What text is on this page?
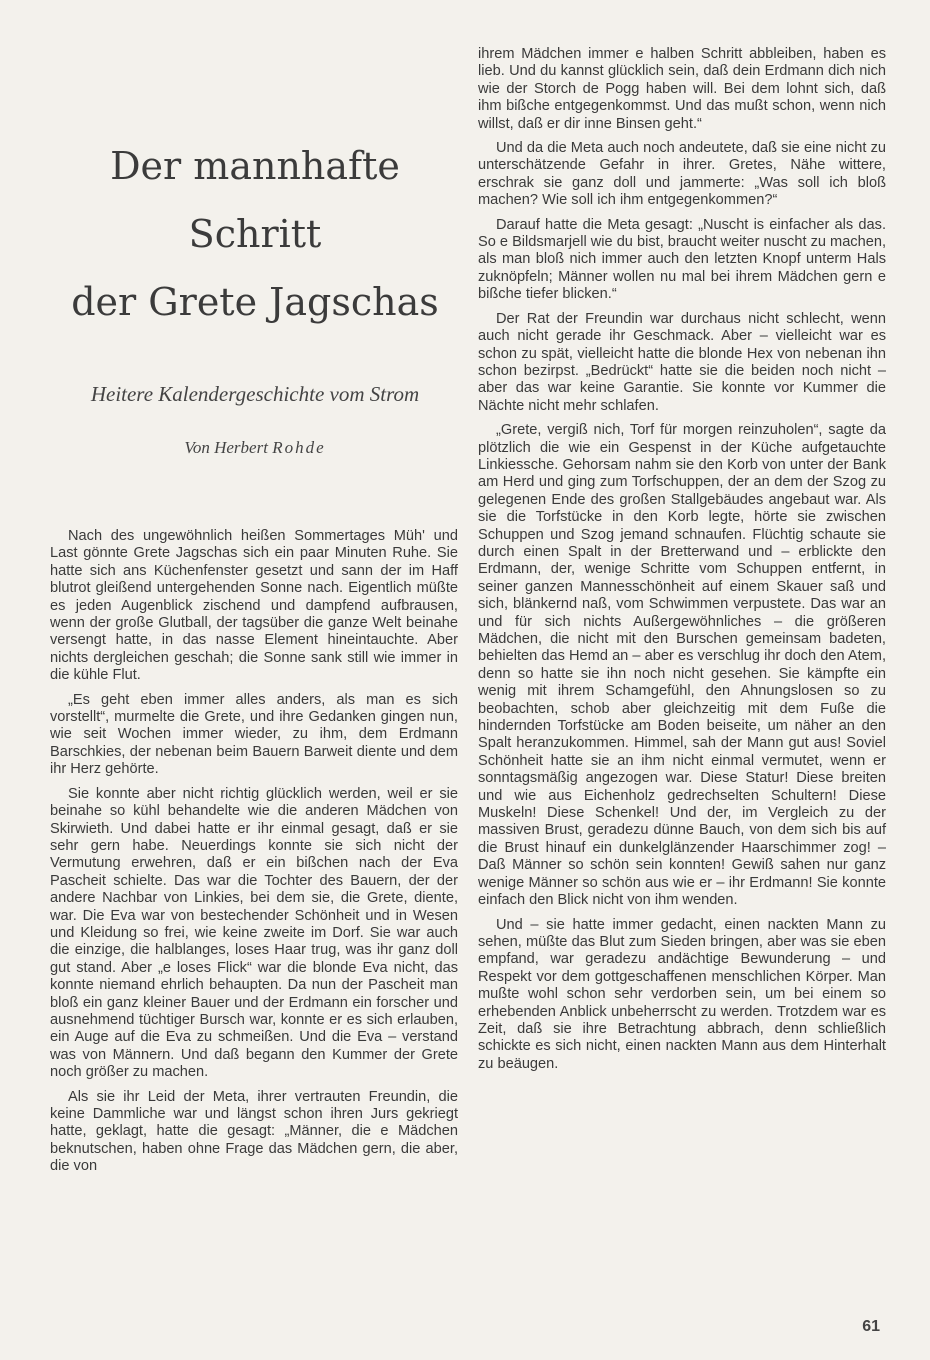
Der mannhafte
Schritt
der Grete Jagschas

Heitere Kalendergeschichte vom Strom

Von Herbert Rohde

Nach des ungewöhnlich heißen Sommertages Müh' und Last gönnte Grete Jagschas sich ein paar Minuten Ruhe. Sie hatte sich ans Küchenfenster gesetzt und sann der im Haff blutrot gleißend untergehenden Sonne nach. Eigentlich müßte es jeden Augenblick zischend und dampfend aufbrausen, wenn der große Glutball, der tagsüber die ganze Welt beinahe versengt hatte, in das nasse Element hineintauchte. Aber nichts dergleichen geschah; die Sonne sank still wie immer in die kühle Flut.

„Es geht eben immer alles anders, als man es sich vorstellt“, murmelte die Grete, und ihre Gedanken gingen nun, wie seit Wochen immer wieder, zu ihm, dem Erdmann Barschkies, der nebenan beim Bauern Barweit diente und dem ihr Herz gehörte.

Sie konnte aber nicht richtig glücklich werden, weil er sie beinahe so kühl behandelte wie die anderen Mädchen von Skirwieth. Und dabei hatte er ihr einmal gesagt, daß er sie sehr gern habe. Neuerdings konnte sie sich nicht der Vermutung erwehren, daß er ein bißchen nach der Eva Pascheit schielte. Das war die Tochter des Bauern, der der andere Nachbar von Linkies, bei dem sie, die Grete, diente, war. Die Eva war von bestechender Schönheit und in Wesen und Kleidung so frei, wie keine zweite im Dorf. Sie war auch die einzige, die halblanges, loses Haar trug, was ihr ganz doll gut stand. Aber „e loses Flick“ war die blonde Eva nicht, das konnte niemand ehrlich behaupten. Da nun der Pascheit man bloß ein ganz kleiner Bauer und der Erdmann ein forscher und ausnehmend tüchtiger Bursch war, konnte er es sich erlauben, ein Auge auf die Eva zu schmeißen. Und die Eva – verstand was von Männern. Und daß begann den Kummer der Grete noch größer zu machen.

Als sie ihr Leid der Meta, ihrer vertrauten Freundin, die keine Dammliche war und längst schon ihren Jurs gekriegt hatte, geklagt, hatte die gesagt: „Männer, die e Mädchen beknutschen, haben ohne Frage das Mädchen gern, die aber, die von

ihrem Mädchen immer e halben Schritt abbleiben, haben es lieb. Und du kannst glücklich sein, daß dein Erdmann dich nich wie der Storch de Pogg haben will. Bei dem lohnt sich, daß ihm bißche entgegenkommst. Und das mußt schon, wenn nich willst, daß er dir inne Binsen geht.“

Und da die Meta auch noch andeutete, daß sie eine nicht zu unterschätzende Gefahr in ihrer. Gretes, Nähe wittere, erschrak sie ganz doll und jammerte: „Was soll ich bloß machen? Wie soll ich ihm entgegenkommen?“

Darauf hatte die Meta gesagt: „Nuscht is einfacher als das. So e Bildsmarjell wie du bist, braucht weiter nuscht zu machen, als man bloß nich immer auch den letzten Knopf unterm Hals zuknöpfeln; Männer wollen nu mal bei ihrem Mädchen gern e bißche tiefer blicken.“

Der Rat der Freundin war durchaus nicht schlecht, wenn auch nicht gerade ihr Geschmack. Aber – vielleicht war es schon zu spät, vielleicht hatte die blonde Hex von nebenan ihn schon bezirpst. „Bedrückt“ hatte sie die beiden noch nicht – aber das war keine Garantie. Sie konnte vor Kummer die Nächte nicht mehr schlafen.

„Grete, vergiß nich, Torf für morgen reinzuholen“, sagte da plötzlich die wie ein Gespenst in der Küche aufgetauchte Linkiessche. Gehorsam nahm sie den Korb von unter der Bank am Herd und ging zum Torfschuppen, der an dem der Szog zu gelegenen Ende des großen Stallgebäudes angebaut war. Als sie die Torfstücke in den Korb legte, hörte sie zwischen Schuppen und Szog jemand schnaufen. Flüchtig schaute sie durch einen Spalt in der Bretterwand und – erblickte den Erdmann, der, wenige Schritte vom Schuppen entfernt, in seiner ganzen Mannesschönheit auf einem Skauer saß und sich, blänkernd naß, vom Schwimmen verpustete. Das war an und für sich nichts Außergewöhnliches – die größeren Mädchen, die nicht mit den Burschen gemeinsam badeten, behielten das Hemd an – aber es verschlug ihr doch den Atem, denn so hatte sie ihn noch nicht gesehen. Sie kämpfte ein wenig mit ihrem Schamgefühl, den Ahnungslosen so zu beobachten, schob aber gleichzeitig mit dem Fuße die hindernden Torfstücke am Boden beiseite, um näher an den Spalt heranzukommen. Himmel, sah der Mann gut aus! Soviel Schönheit hatte sie an ihm nicht einmal vermutet, wenn er sonntagsmäßig angezogen war. Diese Statur! Diese breiten und wie aus Eichenholz gedrechselten Schultern! Diese Muskeln! Diese Schenkel! Und der, im Vergleich zu der massiven Brust, geradezu dünne Bauch, von dem sich bis auf die Brust hinauf ein dunkelglänzender Haarschimmer zog! – Daß Männer so schön sein konnten! Gewiß sahen nur ganz wenige Männer so schön aus wie er – ihr Erdmann! Sie konnte einfach den Blick nicht von ihm wenden.

Und – sie hatte immer gedacht, einen nackten Mann zu sehen, müßte das Blut zum Sieden bringen, aber was sie eben empfand, war geradezu andächtige Bewunderung – und Respekt vor dem gottgeschaffenen menschlichen Körper. Man mußte wohl schon sehr verdorben sein, um bei einem so erhebenden Anblick unbeherrscht zu werden. Trotzdem war es Zeit, daß sie ihre Betrachtung abbrach, denn schließlich schickte es sich nicht, einen nackten Mann aus dem Hinterhalt zu beäugen.

61
